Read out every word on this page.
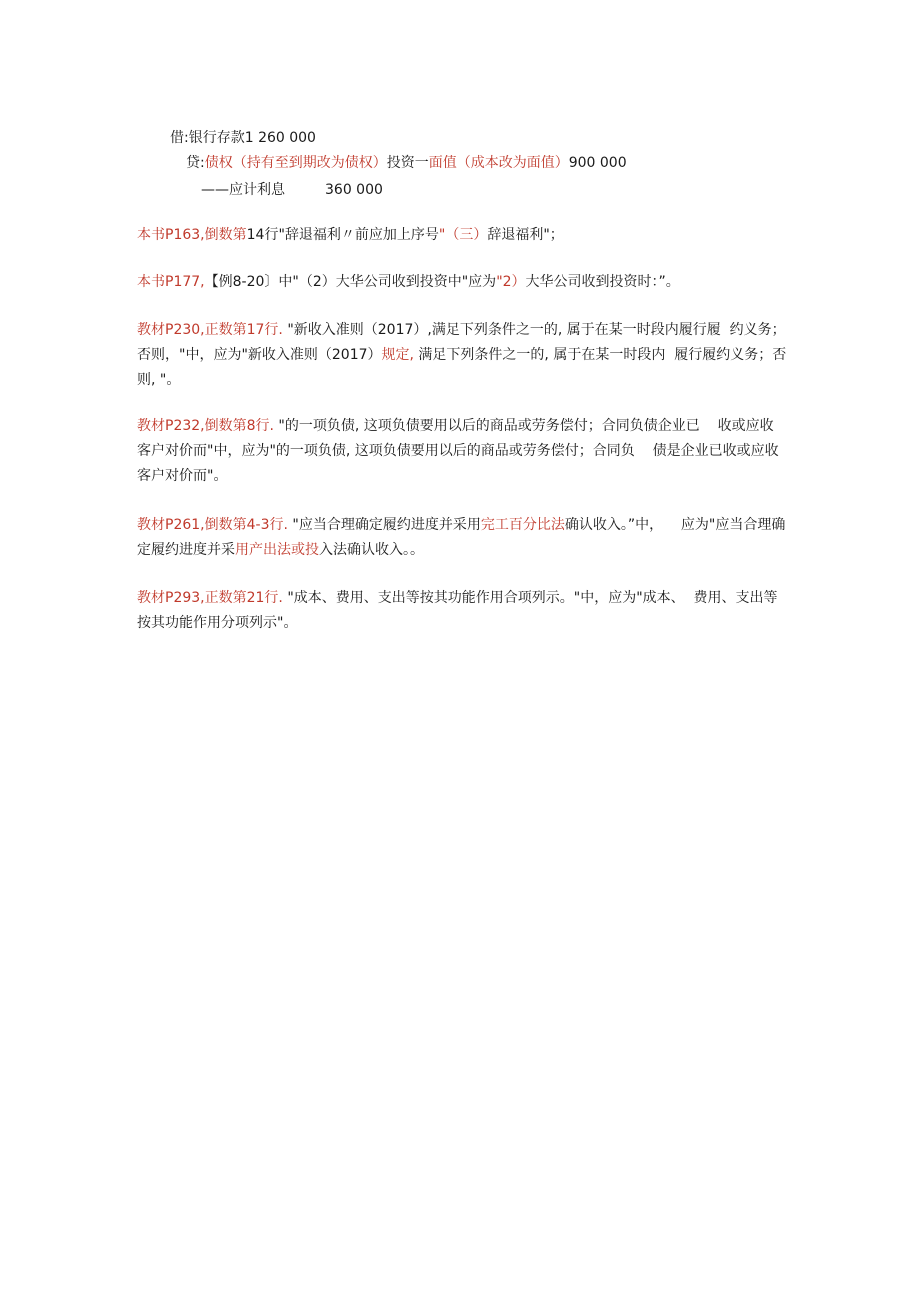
借:银行存款1 260 000
贷:债权（持有至到期改为债权）投资一面值（成本改为面值）900 000
——应计利息	360 000
本书P163,倒数第14行"辞退福利〃前应加上序号"（三）辞退福利"；
本书P177,【例8-20〕中"（2）大华公司收到投资中"应为"2）大华公司收到投资时：”。
教材P230,正数第17行. "新收入准则（2017）,满足下列条件之一的, 属于在某一时段内履行履  约义务；否则，"中，应为"新收入准则（2017）规定, 满足下列条件之一的, 属于在某一时段内  履行履约义务；否则, "。
教材P232,倒数第8行. "的一项负债, 这项负债要用以后的商品或劳务偿付；合同负债企业已    收或应收客户对价而"中，应为"的一项负债, 这项负债要用以后的商品或劳务偿付；合同负    债是企业已收或应收客户对价而"。
教材P261,倒数第4-3行. "应当合理确定履约进度并采用完工百分比法确认收入。”中，    应为"应当合理确定履约进度并采用产出法或投入法确认收入。。
教材P293,正数第21行. "成本、费用、支出等按其功能作用合项列示。"中，应为"成本、  费用、支出等按其功能作用分项列示"。
